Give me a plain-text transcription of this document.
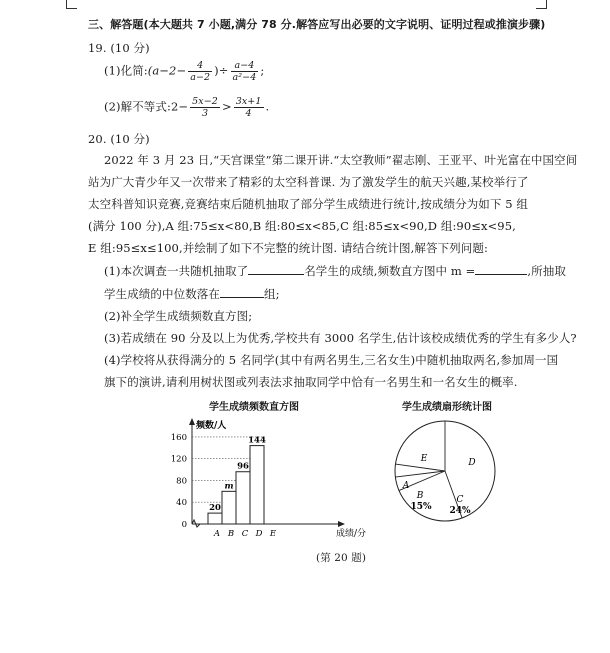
三、解答题(本大题共 7 小题,满分 78 分.解答应写出必要的文字说明、证明过程或推演步骤)
19. (10 分)
(1)化简:(a−2− $\frac{4}{a-2}$ )÷ $\frac{a-4}{\text{a²−4}}$ ;
(2)解不等式:2− $\frac{5x-2}{3} > \frac{3x+1}{4}$ .
20. (10 分)
2022 年 3 月 23 日,“天宫课堂”第二课开讲.“太空教师”翟志刚、王亚平、叶光富在中国空间
站为广大青少年又一次带来了精彩的太空科普课. 为了激发学生的航天兴趣,某校举行了
太空科普知识竞赛,竞赛结束后随机抽取了部分学生成绩进行统计,按成绩分为如下 5 组
(满分 100 分),A 组:75≤x<80,B 组:80≤x<85,C 组:85≤x<90,D 组:90≤x<95,
E 组:95≤x≤100,并绘制了如下不完整的统计图. 请结合统计图,解答下列问题:
(1)本次调查一共随机抽取了	名学生的成绩,频数直方图中 m =	,所抽取
学生成绩的中位数落在	组;
(2)补全学生成绩频数直方图;
(3)若成绩在 90 分及以上为优秀,学校共有 3000 名学生,估计该校成绩优秀的学生有多少人?
(4)学校将从获得满分的 5 名同学(其中有两名男生,三名女生)中随机抽取两名,参加周一国
旗下的演讲,请利用树状图或列表法求抽取同学中恰有一名男生和一名女生的概率.
学生成绩频数直方图
频数/人
成绩/分
0
40
80
120
160
A
20
B
m
C
96
D
144
E
学生成绩扇形统计图
A
B
15%
C
24%
D
E
(第 20 题)
